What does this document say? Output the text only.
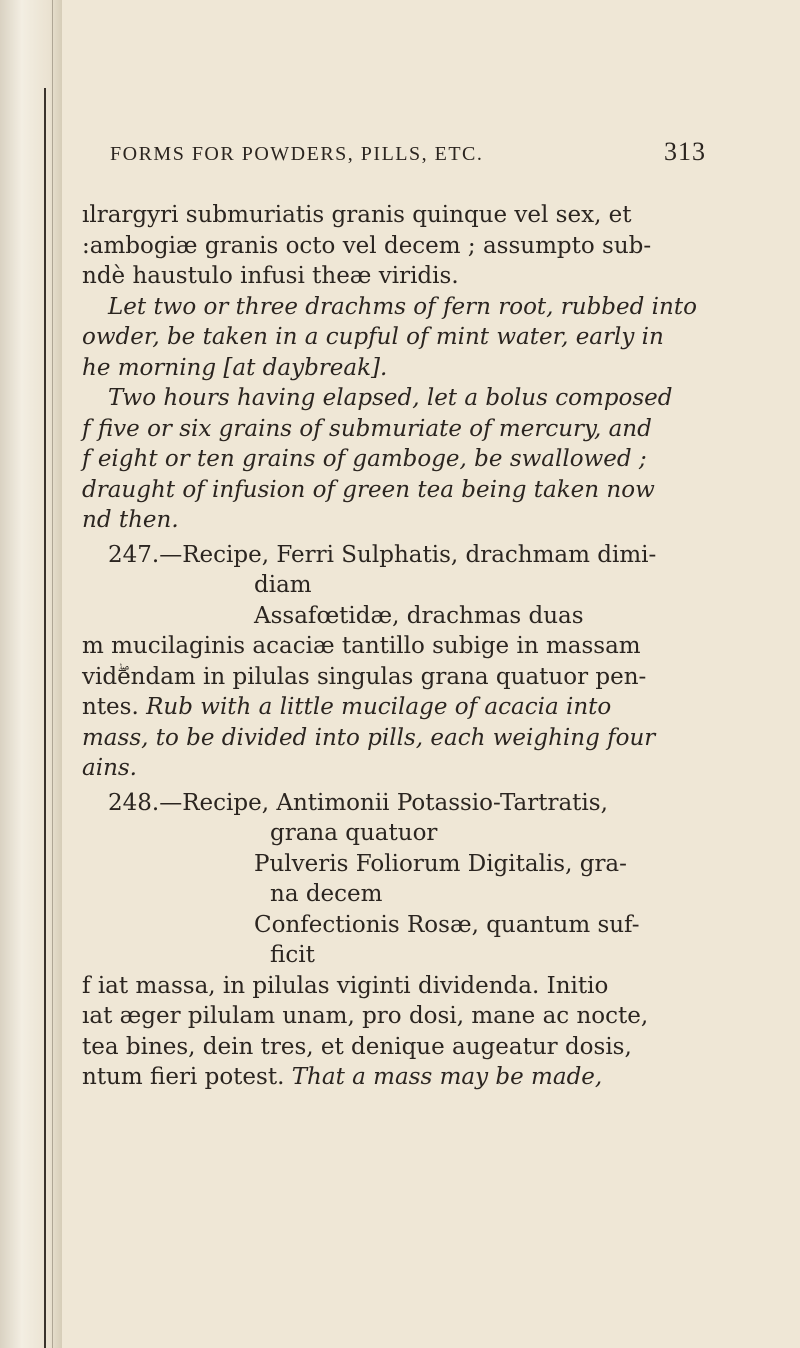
FORMS FOR POWDERS, PILLS, ETC.	313

ılrargyri submuriatis granis quinque vel sex, et

:ambogiæ granis octo vel decem ; assumpto sub-

ndè haustulo infusi theæ viridis.

Let two or three drachms of fern root, rubbed into

owder, be taken in a cupful of mint water, early in

he morning [at daybreak].

Two hours having elapsed, let a bolus composed

f five or six grains of submuriate of mercury, and

f eight or ten grains of gamboge, be swallowed ;

draught of infusion of green tea being taken now

nd then.

247.—Recipe, Ferri Sulphatis, drachmam dimi-

diam

Assafœtidæ, drachmas duas

m mucilaginis acaciæ tantillo subige in massam

vidۖendam in pilulas singulas grana quatuor pen-

ntes. Rub with a little mucilage of acacia into

mass, to be divided into pills, each weighing four

ains.

248.—Recipe, Antimonii Potassio-Tartratis,

grana quatuor

Pulveris Foliorum Digitalis, gra-

na decem

Confectionis Rosæ, quantum suf-

ficit

f iat massa, in pilulas viginti dividenda. Initio

ıat æger pilulam unam, pro dosi, mane ac nocte,

tea bines, dein tres, et denique augeatur dosis,

ntum fieri potest. That a mass may be made,
